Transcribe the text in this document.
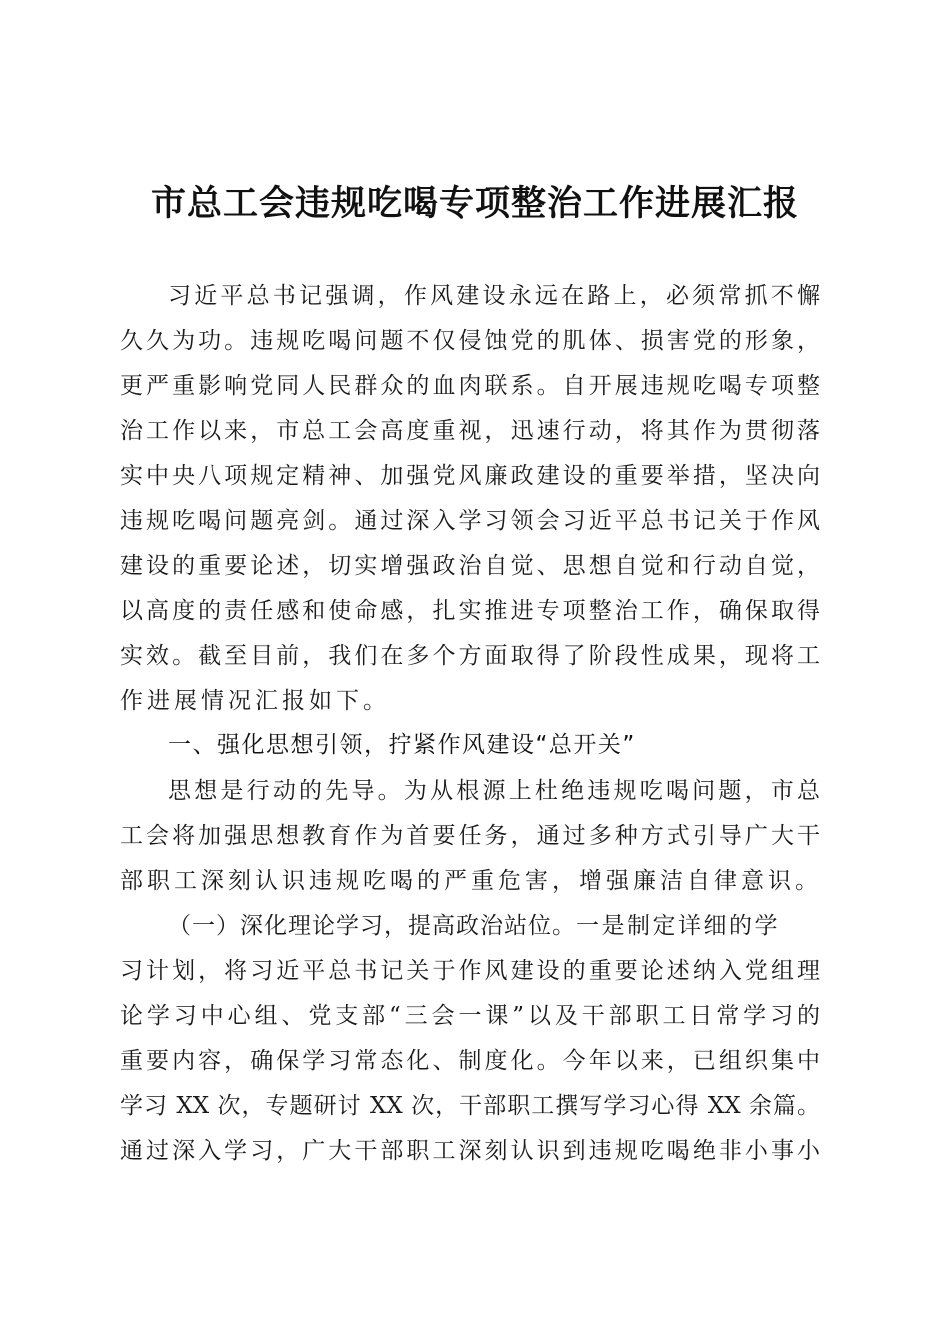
市总工会违规吃喝专项整治工作进展汇报
习近平总书记强调，作风建设永远在路上，必须常抓不懈
久久为功。违规吃喝问题不仅侵蚀党的肌体、损害党的形象，
更严重影响党同人民群众的血肉联系。自开展违规吃喝专项整
治工作以来，市总工会高度重视，迅速行动，将其作为贯彻落
实中央八项规定精神、加强党风廉政建设的重要举措，坚决向
违规吃喝问题亮剑。通过深入学习领会习近平总书记关于作风
建设的重要论述，切实增强政治自觉、思想自觉和行动自觉，
以高度的责任感和使命感，扎实推进专项整治工作，确保取得
实效。截至目前，我们在多个方面取得了阶段性成果，现将工
作进展情况汇报如下。
一、强化思想引领，拧紧作风建设“总开关”
思想是行动的先导。为从根源上杜绝违规吃喝问题，市总
工会将加强思想教育作为首要任务，通过多种方式引导广大干
部职工深刻认识违规吃喝的严重危害，增强廉洁自律意识。
（一）深化理论学习，提高政治站位。一是制定详细的学
习计划，将习近平总书记关于作风建设的重要论述纳入党组理
论学习中心组、党支部“三会一课”以及干部职工日常学习的
重要内容，确保学习常态化、制度化。今年以来，已组织集中
学习 XX 次，专题研讨 XX 次，干部职工撰写学习心得 XX 余篇。
通过深入学习，广大干部职工深刻认识到违规吃喝绝非小事小
